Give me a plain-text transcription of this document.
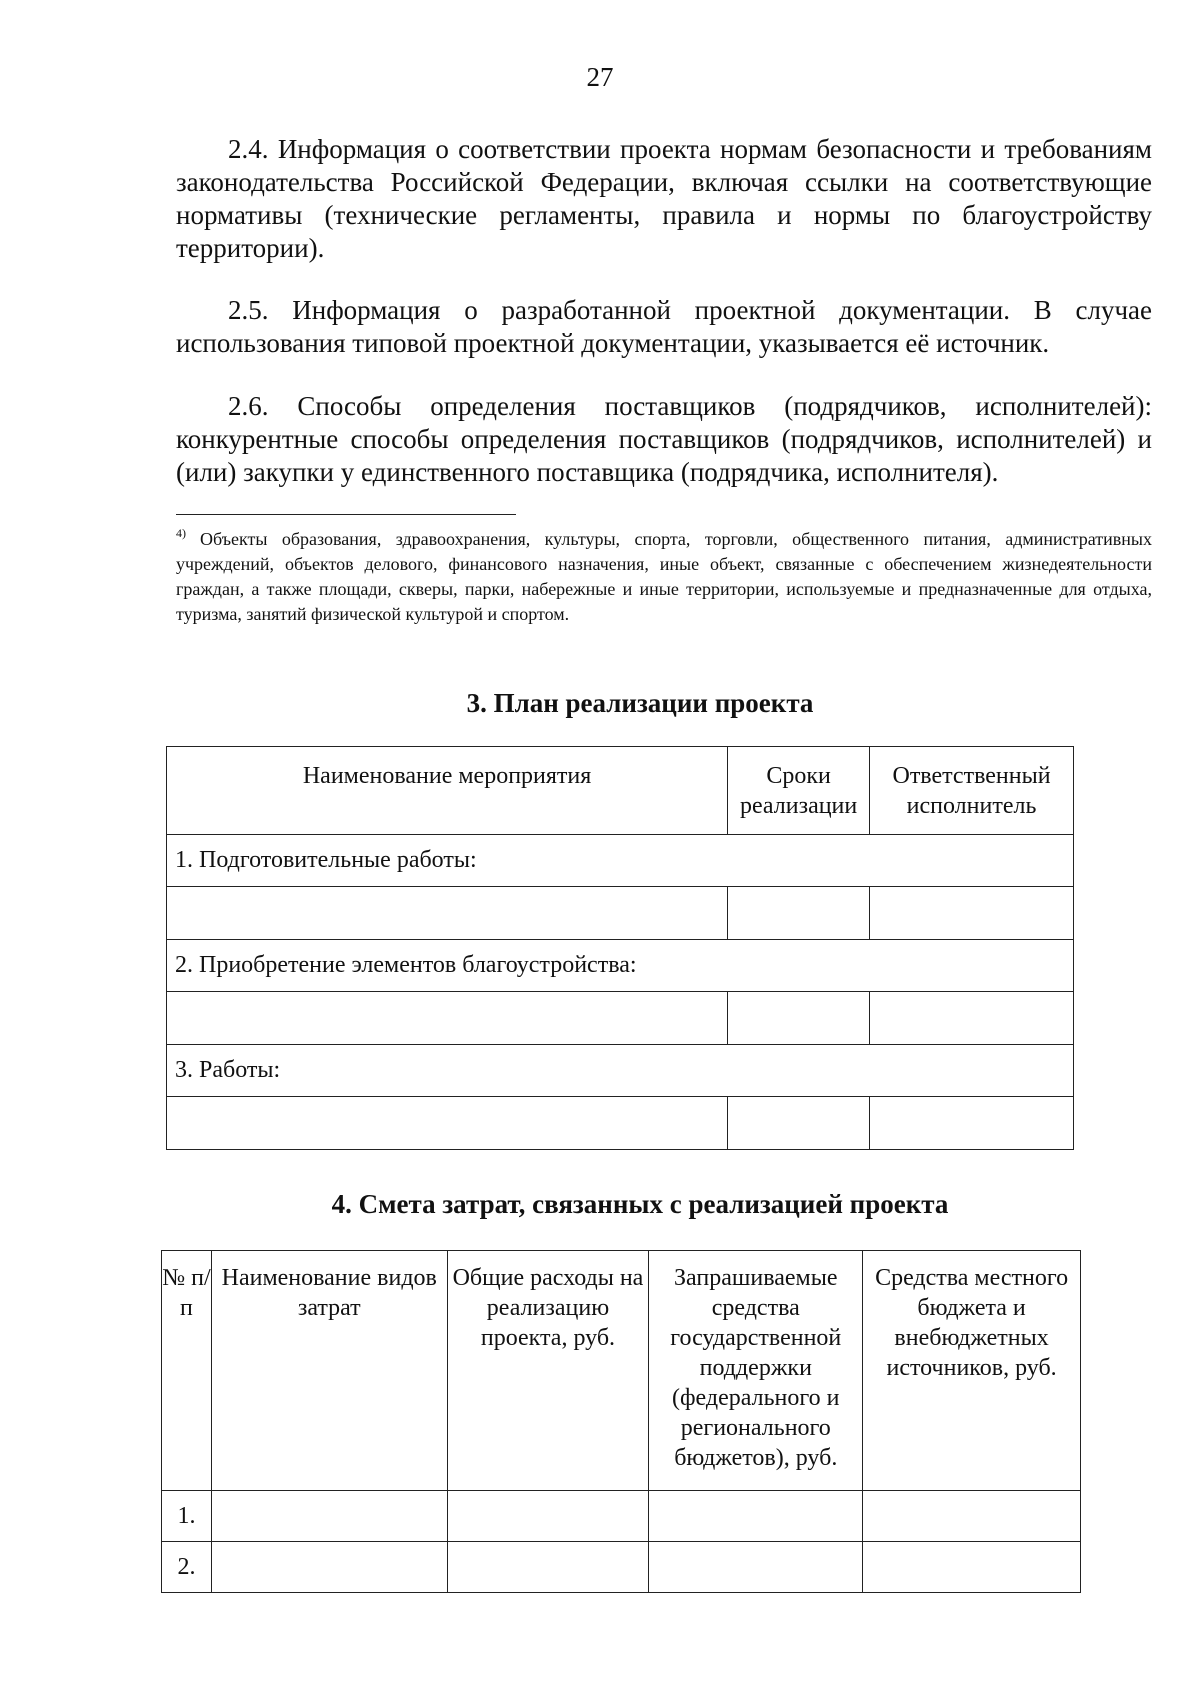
27
2.4. Информация о соответствии проекта нормам безопасности и требованиям законодательства Российской Федерации, включая ссылки на соответствующие нормативы (технические регламенты, правила и нормы по благоустройству территории).
2.5. Информация о разработанной проектной документации. В случае использования типовой проектной документации, указывается её источник.
2.6. Способы определения поставщиков (подрядчиков, исполнителей): конкурентные способы определения поставщиков (подрядчиков, исполнителей) и (или) закупки у единственного поставщика (подрядчика, исполнителя).
$^{4)}$ Объекты образования, здравоохранения, культуры, спорта, торговли, общественного питания, административных учреждений, объектов делового, финансового назначения, иные объект, связанные с обеспечением жизнедеятельности граждан, а также площади, скверы, парки, набережные и иные территории, используемые и предназначенные для отдыха, туризма, занятий физической культурой и спортом.
3. План реализации проекта
Наименование мероприятия	Сроки реализации	Ответственный исполнитель
1. Подготовительные работы:		

2. Приобретение элементов благоустройства:		

3. Работы:		

4. Смета затрат, связанных с реализацией проекта
№ п/п	Наименование видов затрат	Общие расходы на реализацию проекта, руб.	Запрашиваемые средства государственной поддержки (федерального и регионального бюджетов), руб.	Средства местного бюджета и внебюджетных источников, руб.
1.				
2.				
